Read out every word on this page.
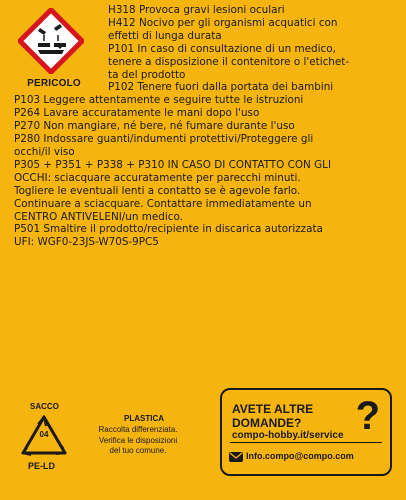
PERICOLO
H318 Provoca gravi lesioni oculari
H412 Nocivo per gli organismi acquatici con
effetti di lunga durata
P101 In caso di consultazione di un medico,
tenere a disposizione il contenitore o l'etichet-
ta del prodotto
P102 Tenere fuori dalla portata dei bambini
P103 Leggere attentamente e seguire tutte le istruzioni
P264 Lavare accuratamente le mani dopo l'uso
P270 Non mangiare, né bere, né fumare durante l'uso
P280 Indossare guanti/indumenti protettivi/Proteggere gli
occhi/il viso
P305 + P351 + P338 + P310 IN CASO DI CONTATTO CON GLI
OCCHI: sciacquare accuratamente per parecchi minuti.
Togliere le eventuali lenti a contatto se è agevole farlo.
Continuare a sciacquare. Contattare immediatamente un
CENTRO ANTIVELENI/un medico.
P501 Smaltire il prodotto/recipiente in discarica autorizzata
UFI: WGF0-23JS-W70S-9PC5
SACCO
04
PE-LD
PLASTICA
Raccolta differenziata.
Verifica le disposizioni
del tuo comune.
AVETE ALTRE
DOMANDE? ?
compo-hobby.it/service
Info.compo@compo.com
